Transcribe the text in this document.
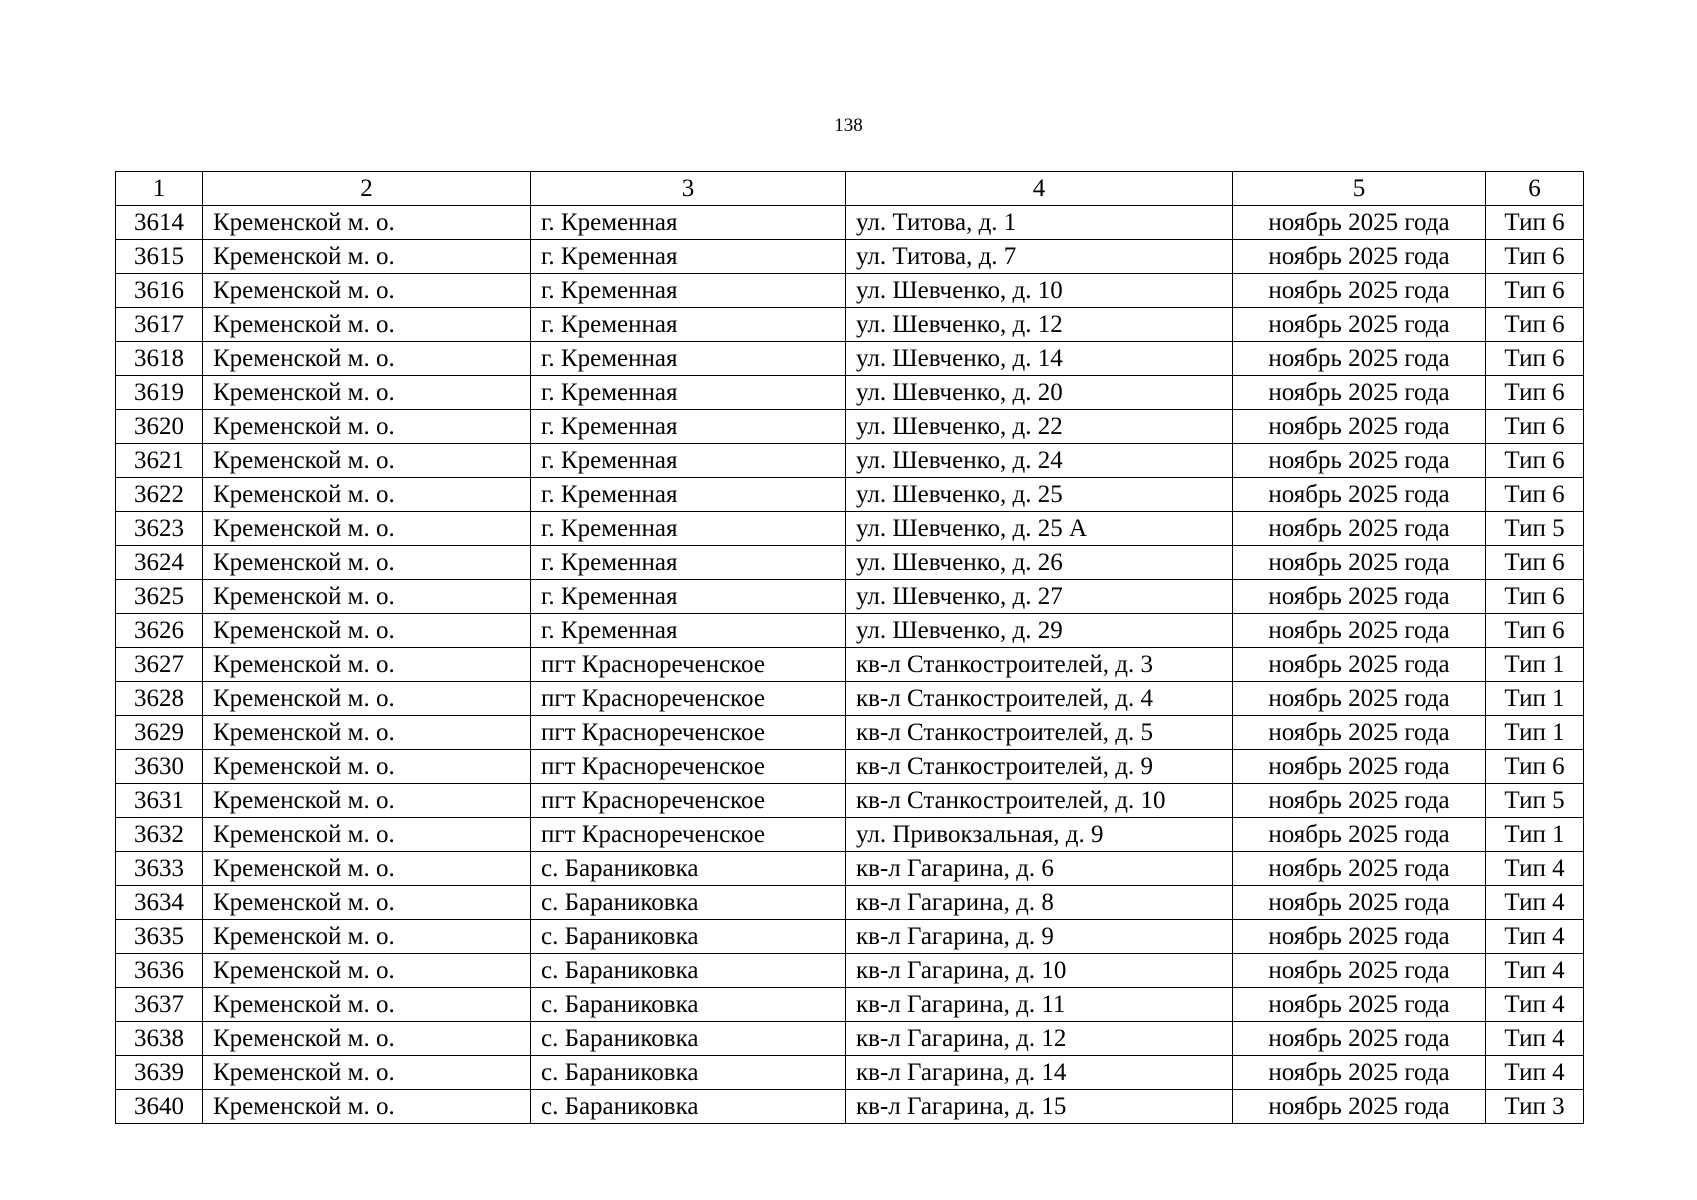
138
1	2	3	4	5	6
3614	Кременской м. о.	г. Кременная	ул. Титова, д. 1	ноябрь 2025 года	Тип 6
3615	Кременской м. о.	г. Кременная	ул. Титова, д. 7	ноябрь 2025 года	Тип 6
3616	Кременской м. о.	г. Кременная	ул. Шевченко, д. 10	ноябрь 2025 года	Тип 6
3617	Кременской м. о.	г. Кременная	ул. Шевченко, д. 12	ноябрь 2025 года	Тип 6
3618	Кременской м. о.	г. Кременная	ул. Шевченко, д. 14	ноябрь 2025 года	Тип 6
3619	Кременской м. о.	г. Кременная	ул. Шевченко, д. 20	ноябрь 2025 года	Тип 6
3620	Кременской м. о.	г. Кременная	ул. Шевченко, д. 22	ноябрь 2025 года	Тип 6
3621	Кременской м. о.	г. Кременная	ул. Шевченко, д. 24	ноябрь 2025 года	Тип 6
3622	Кременской м. о.	г. Кременная	ул. Шевченко, д. 25	ноябрь 2025 года	Тип 6
3623	Кременской м. о.	г. Кременная	ул. Шевченко, д. 25 А	ноябрь 2025 года	Тип 5
3624	Кременской м. о.	г. Кременная	ул. Шевченко, д. 26	ноябрь 2025 года	Тип 6
3625	Кременской м. о.	г. Кременная	ул. Шевченко, д. 27	ноябрь 2025 года	Тип 6
3626	Кременской м. о.	г. Кременная	ул. Шевченко, д. 29	ноябрь 2025 года	Тип 6
3627	Кременской м. о.	пгт Краснореченское	кв-л Станкостроителей, д. 3	ноябрь 2025 года	Тип 1
3628	Кременской м. о.	пгт Краснореченское	кв-л Станкостроителей, д. 4	ноябрь 2025 года	Тип 1
3629	Кременской м. о.	пгт Краснореченское	кв-л Станкостроителей, д. 5	ноябрь 2025 года	Тип 1
3630	Кременской м. о.	пгт Краснореченское	кв-л Станкостроителей, д. 9	ноябрь 2025 года	Тип 6
3631	Кременской м. о.	пгт Краснореченское	кв-л Станкостроителей, д. 10	ноябрь 2025 года	Тип 5
3632	Кременской м. о.	пгт Краснореченское	ул. Привокзальная, д. 9	ноябрь 2025 года	Тип 1
3633	Кременской м. о.	с. Бараниковка	кв-л Гагарина, д. 6	ноябрь 2025 года	Тип 4
3634	Кременской м. о.	с. Бараниковка	кв-л Гагарина, д. 8	ноябрь 2025 года	Тип 4
3635	Кременской м. о.	с. Бараниковка	кв-л Гагарина, д. 9	ноябрь 2025 года	Тип 4
3636	Кременской м. о.	с. Бараниковка	кв-л Гагарина, д. 10	ноябрь 2025 года	Тип 4
3637	Кременской м. о.	с. Бараниковка	кв-л Гагарина, д. 11	ноябрь 2025 года	Тип 4
3638	Кременской м. о.	с. Бараниковка	кв-л Гагарина, д. 12	ноябрь 2025 года	Тип 4
3639	Кременской м. о.	с. Бараниковка	кв-л Гагарина, д. 14	ноябрь 2025 года	Тип 4
3640	Кременской м. о.	с. Бараниковка	кв-л Гагарина, д. 15	ноябрь 2025 года	Тип 3
